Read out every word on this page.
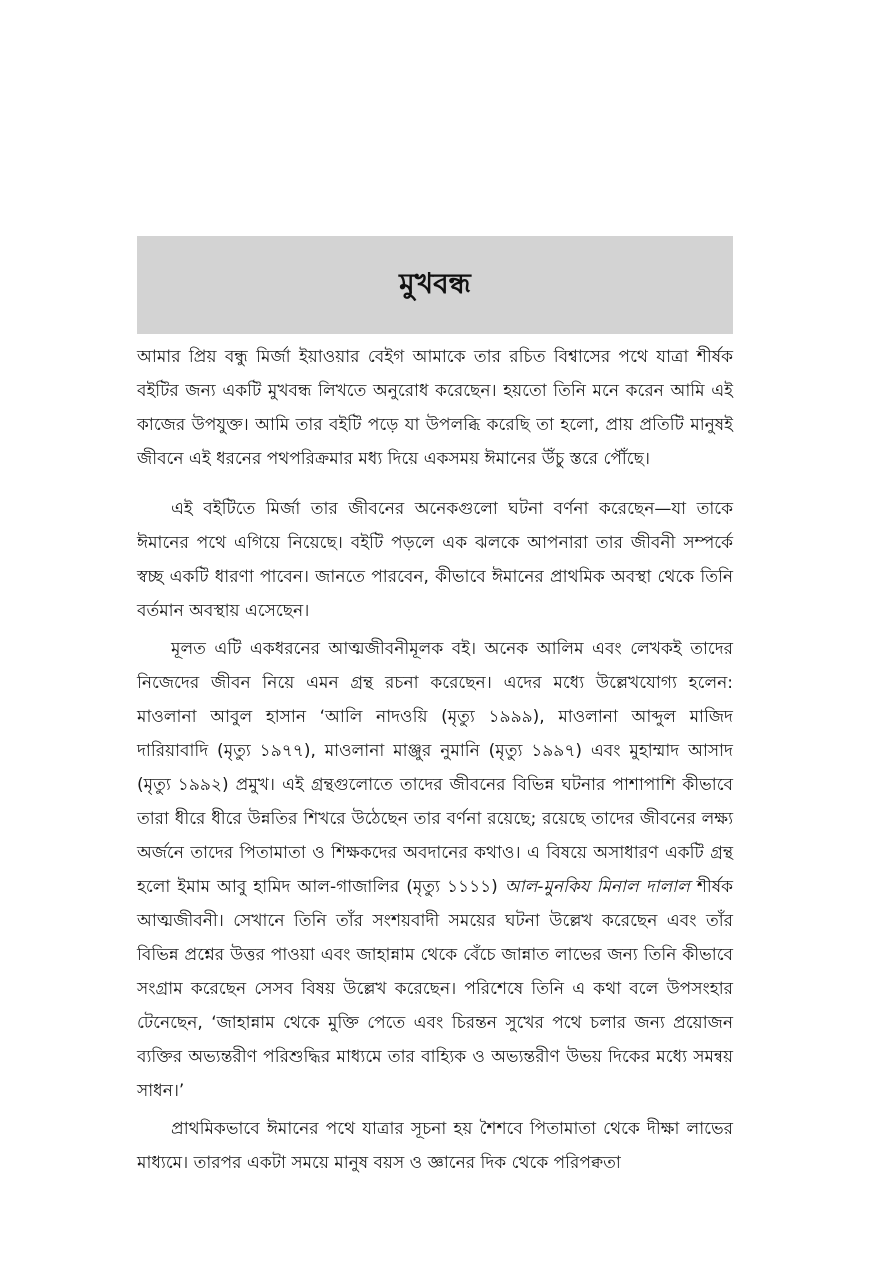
মুখবন্ধ

আমার প্রিয় বন্ধু মির্জা ইয়াওয়ার বেইগ আমাকে তার রচিত বিশ্বাসের পথে যাত্রা শীর্ষক বইটির জন্য একটি মুখবন্ধ লিখতে অনুরোধ করেছেন। হয়তো তিনি মনে করেন আমি এই কাজের উপযুক্ত। আমি তার বইটি পড়ে যা উপলব্ধি করেছি তা হলো, প্রায় প্রতিটি মানুষই জীবনে এই ধরনের পথপরিক্রমার মধ্য দিয়ে একসময় ঈমানের উঁচু স্তরে পৌঁছে।

এই বইটিতে মির্জা তার জীবনের অনেকগুলো ঘটনা বর্ণনা করেছেন—যা তাকে ঈমানের পথে এগিয়ে নিয়েছে। বইটি পড়লে এক ঝলকে আপনারা তার জীবনী সম্পর্কে স্বচ্ছ একটি ধারণা পাবেন। জানতে পারবেন, কীভাবে ঈমানের প্রাথমিক অবস্থা থেকে তিনি বর্তমান অবস্থায় এসেছেন।

মূলত এটি একধরনের আত্মজীবনীমূলক বই। অনেক আলিম এবং লেখকই তাদের নিজেদের জীবন নিয়ে এমন গ্রন্থ রচনা করেছেন। এদের মধ্যে উল্লেখযোগ্য হলেন: মাওলানা আবুল হাসান ‘আলি নাদওয়ি (মৃত্যু ১৯৯৯), মাওলানা আব্দুল মাজিদ দারিয়াবাদি (মৃত্যু ১৯৭৭), মাওলানা মাঞ্জুর নুমানি (মৃত্যু ১৯৯৭) এবং মুহাম্মাদ আসাদ (মৃত্যু ১৯৯২) প্রমুখ। এই গ্রন্থগুলোতে তাদের জীবনের বিভিন্ন ঘটনার পাশাপাশি কীভাবে তারা ধীরে ধীরে উন্নতির শিখরে উঠেছেন তার বর্ণনা রয়েছে; রয়েছে তাদের জীবনের লক্ষ্য অর্জনে তাদের পিতামাতা ও শিক্ষকদের অবদানের কথাও। এ বিষয়ে অসাধারণ একটি গ্রন্থ হলো ইমাম আবু হামিদ আল-গাজালির (মৃত্যু ১১১১) আল-মুনকিয মিনাল দালাল শীর্ষক আত্মজীবনী। সেখানে তিনি তাঁর সংশয়বাদী সময়ের ঘটনা উল্লেখ করেছেন এবং তাঁর বিভিন্ন প্রশ্নের উত্তর পাওয়া এবং জাহান্নাম থেকে বেঁচে জান্নাত লাভের জন্য তিনি কীভাবে সংগ্রাম করেছেন সেসব বিষয় উল্লেখ করেছেন। পরিশেষে তিনি এ কথা বলে উপসংহার টেনেছেন, ‘জাহান্নাম থেকে মুক্তি পেতে এবং চিরন্তন সুখের পথে চলার জন্য প্রয়োজন ব্যক্তির অভ্যন্তরীণ পরিশুদ্ধির মাধ্যমে তার বাহ্যিক ও অভ্যন্তরীণ উভয় দিকের মধ্যে সমন্বয় সাধন।’

প্রাথমিকভাবে ঈমানের পথে যাত্রার সূচনা হয় শৈশবে পিতামাতা থেকে দীক্ষা লাভের মাধ্যমে। তারপর একটা সময়ে মানুষ বয়স ও জ্ঞানের দিক থেকে পরিপক্বতা
